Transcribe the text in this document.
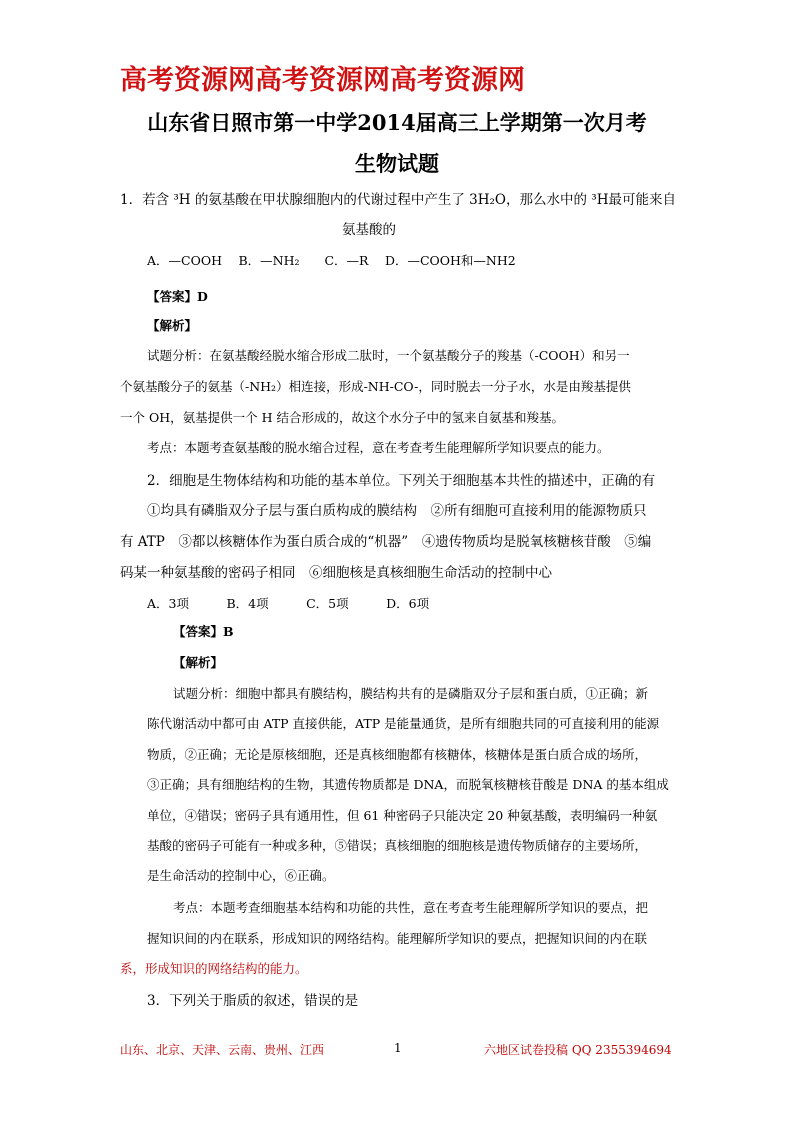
高考资源网高考资源网高考资源网
山东省日照市第一中学2014届高三上学期第一次月考
生物试题
1．若含 ³H 的氨基酸在甲状腺细胞内的代谢过程中产生了 3H₂O，那么水中的 ³H最可能来自
氨基酸的
A．—COOH　 B．—NH₂　　C．—R　 D．—COOH和—NH2
【答案】D
【解析】
试题分析：在氨基酸经脱水缩合形成二肽时，一个氨基酸分子的羧基（-COOH）和另一
个氨基酸分子的氨基（-NH₂）相连接，形成-NH-CO-，同时脱去一分子水，水是由羧基提供
一个 OH，氨基提供一个 H 结合形成的，故这个水分子中的氢来自氨基和羧基。
考点：本题考查氨基酸的脱水缩合过程，意在考查考生能理解所学知识要点的能力。
2．细胞是生物体结构和功能的基本单位。下列关于细胞基本共性的描述中，正确的有
①均具有磷脂双分子层与蛋白质构成的膜结构　②所有细胞可直接利用的能源物质只
有 ATP　③都以核糖体作为蛋白质合成的“机器”　④遗传物质均是脱氧核糖核苷酸　⑤编
码某一种氨基酸的密码子相同　⑥细胞核是真核细胞生命活动的控制中心
A．3项　　　B．4项　　　C．5项　　　D．6项
【答案】B
【解析】
试题分析：细胞中都具有膜结构，膜结构共有的是磷脂双分子层和蛋白质，①正确；新
陈代谢活动中都可由 ATP 直接供能，ATP 是能量通货，是所有细胞共同的可直接利用的能源
物质，②正确；无论是原核细胞，还是真核细胞都有核糖体，核糖体是蛋白质合成的场所，
③正确；具有细胞结构的生物，其遗传物质都是 DNA，而脱氧核糖核苷酸是 DNA 的基本组成
单位，④错误；密码子具有通用性，但 61 种密码子只能决定 20 种氨基酸，表明编码一种氨
基酸的密码子可能有一种或多种，⑤错误；真核细胞的细胞核是遗传物质储存的主要场所，
是生命活动的控制中心，⑥正确。
考点：本题考查细胞基本结构和功能的共性，意在考查考生能理解所学知识的要点，把
握知识间的内在联系，形成知识的网络结构。能理解所学知识的要点，把握知识间的内在联
系，形成知识的网络结构的能力。
3．下列关于脂质的叙述，错误的是
山东、北京、天津、云南、贵州、江西	1	六地区试卷投稿 QQ 2355394694
